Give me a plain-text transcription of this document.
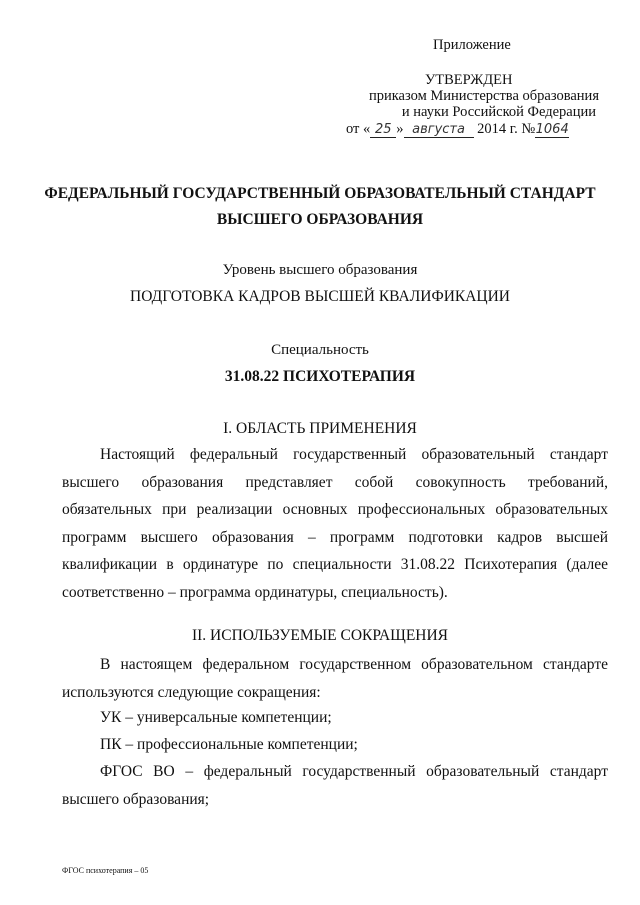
Приложение
УТВЕРЖДЕН
приказом Министерства образования
и науки Российской Федерации
от « 25 » августа 2014 г. №1064
ФЕДЕРАЛЬНЫЙ ГОСУДАРСТВЕННЫЙ ОБРАЗОВАТЕЛЬНЫЙ СТАНДАРТ
ВЫСШЕГО ОБРАЗОВАНИЯ
Уровень высшего образования
ПОДГОТОВКА КАДРОВ ВЫСШЕЙ КВАЛИФИКАЦИИ
Специальность
31.08.22 ПСИХОТЕРАПИЯ
I. ОБЛАСТЬ ПРИМЕНЕНИЯ
Настоящий федеральный государственный образовательный стандарт высшего образования представляет собой совокупность требований, обязательных при реализации основных профессиональных образовательных программ высшего образования – программ подготовки кадров высшей квалификации в ординатуре по специальности 31.08.22 Психотерапия (далее соответственно – программа ординатуры, специальность).
II. ИСПОЛЬЗУЕМЫЕ СОКРАЩЕНИЯ
В настоящем федеральном государственном образовательном стандарте используются следующие сокращения:
УК – универсальные компетенции;
ПК – профессиональные компетенции;
ФГОС ВО – федеральный государственный образовательный стандарт высшего образования;
ФГОС психотерапия – 05
